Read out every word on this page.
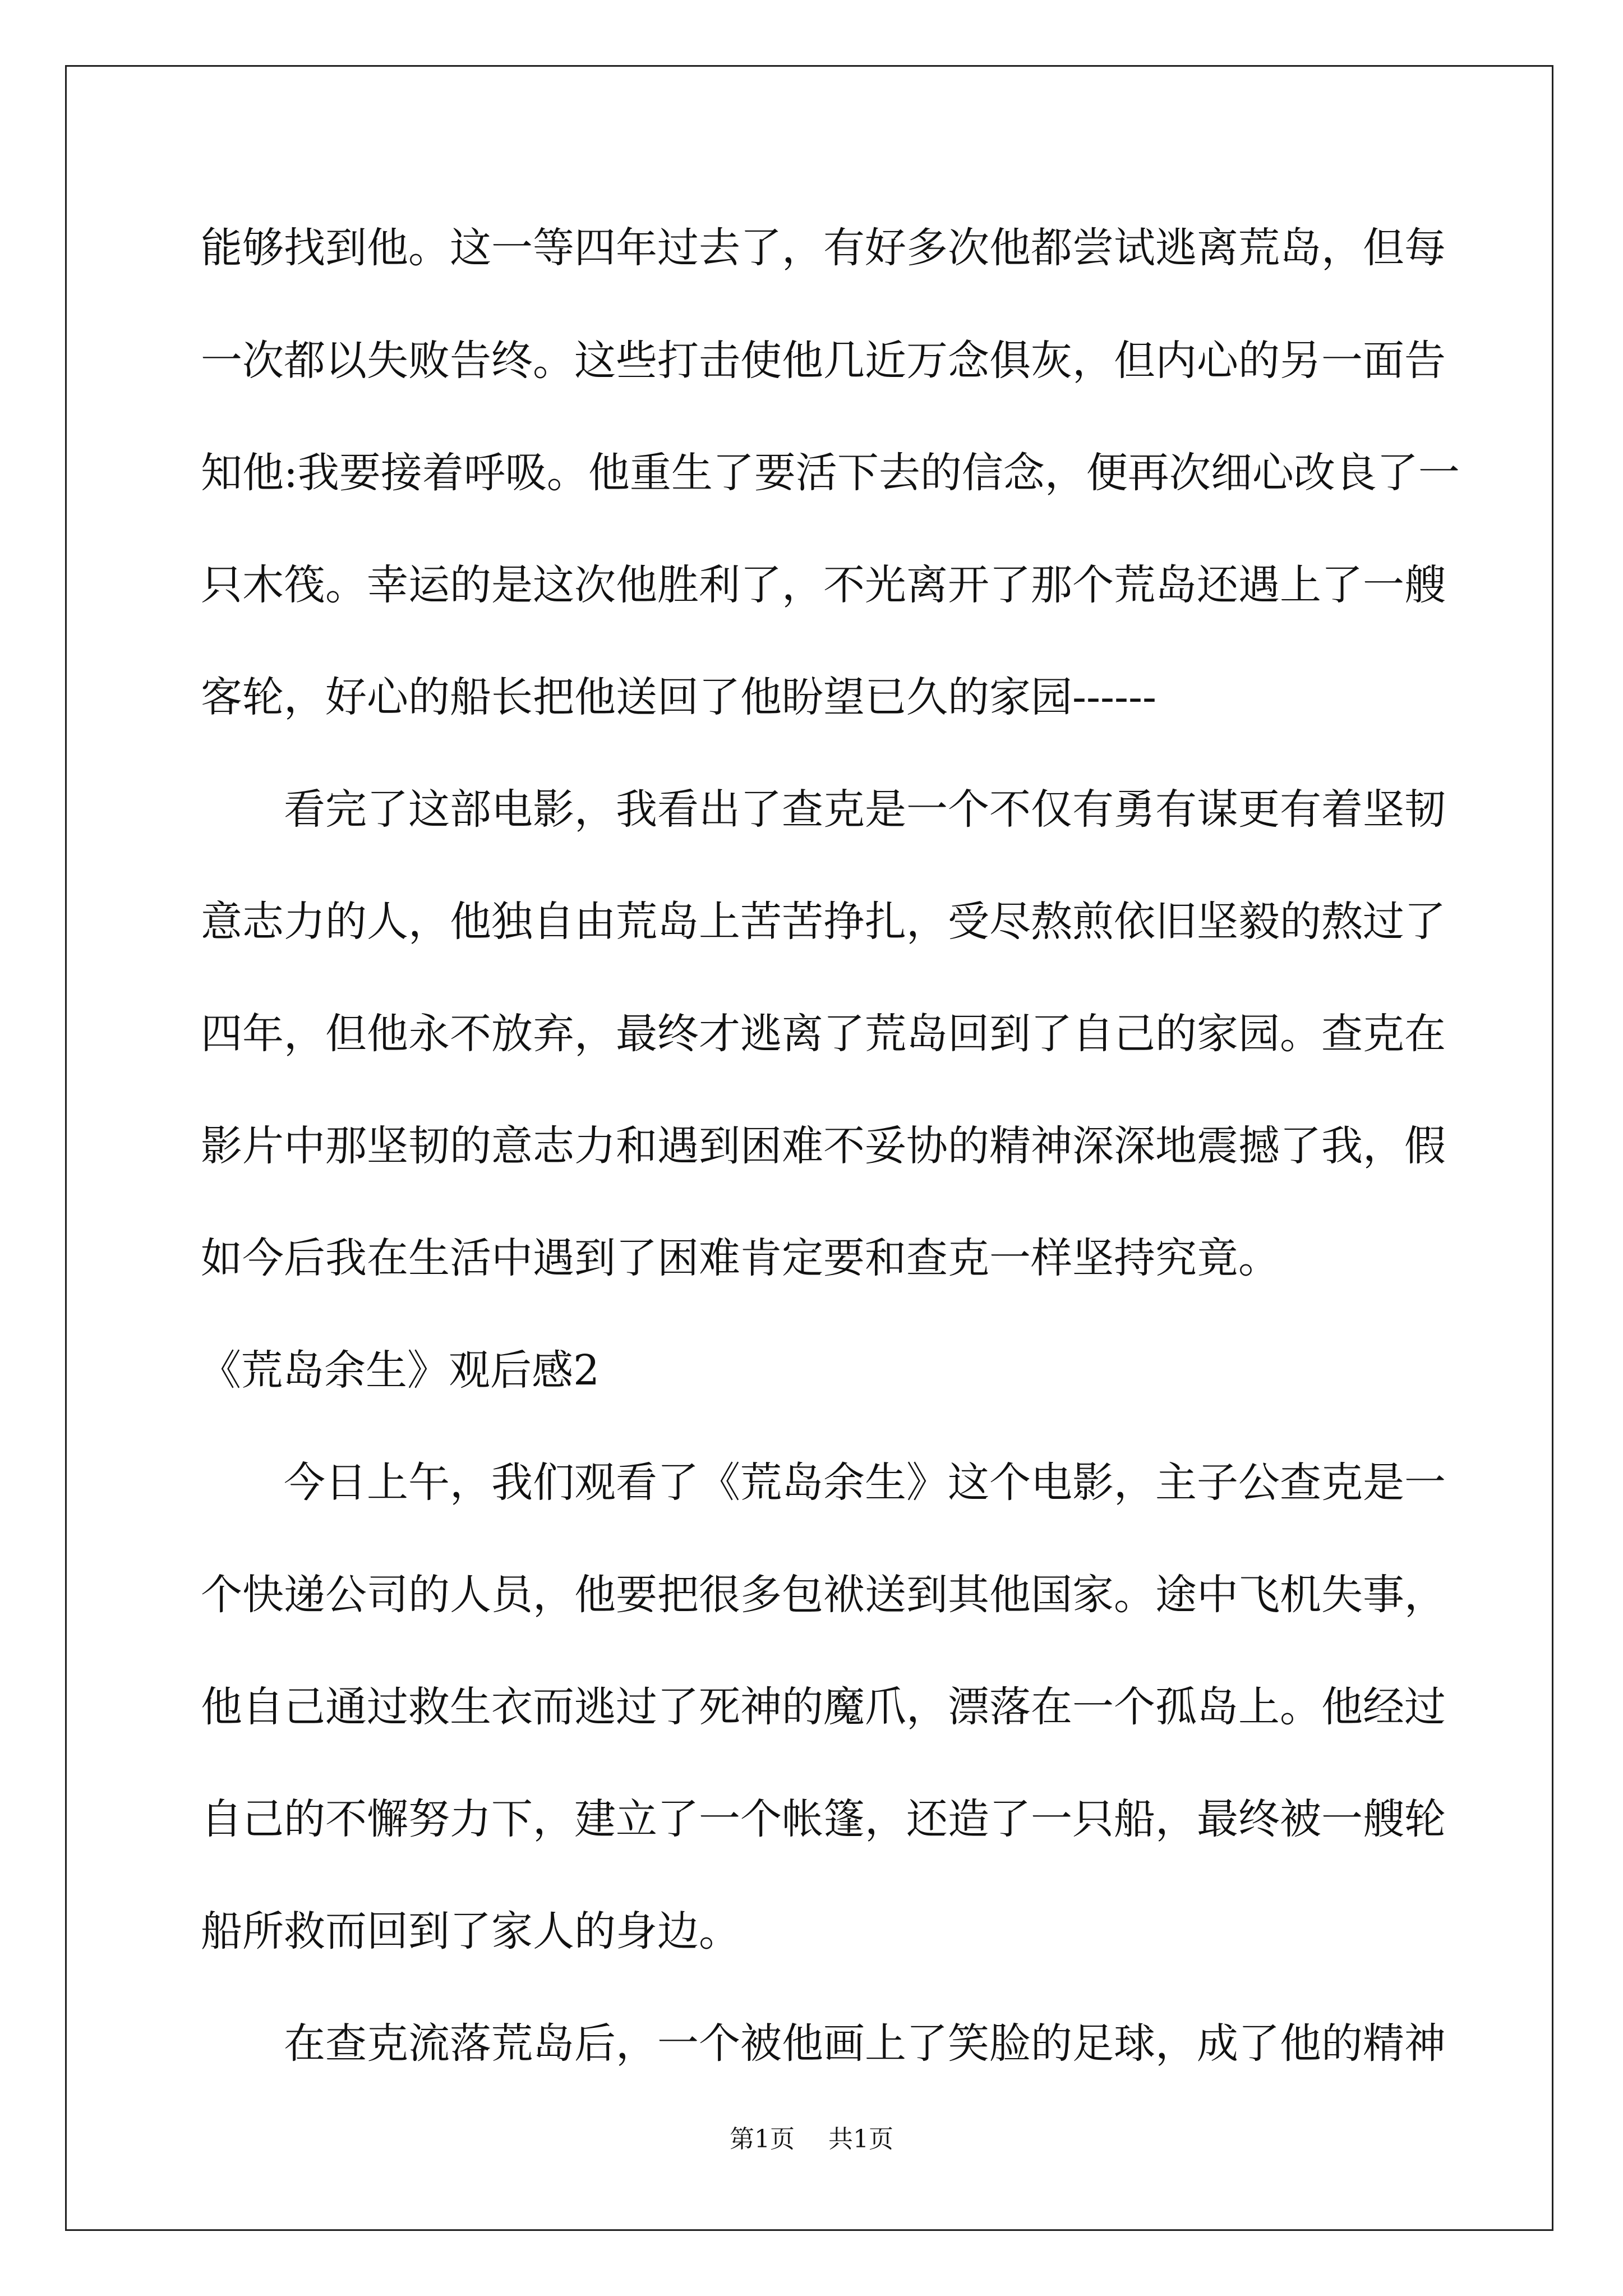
能够找到他。这一等四年过去了，有好多次他都尝试逃离荒岛，但每
一次都以失败告终。这些打击使他几近万念俱灰，但内心的另一面告
知他:我要接着呼吸。他重生了要活下去的信念，便再次细心改良了一
只木筏。幸运的是这次他胜利了，不光离开了那个荒岛还遇上了一艘
客轮，好心的船长把他送回了他盼望已久的家园------
看完了这部电影，我看出了查克是一个不仅有勇有谋更有着坚韧
意志力的人，他独自由荒岛上苦苦挣扎，受尽熬煎依旧坚毅的熬过了
四年，但他永不放弃，最终才逃离了荒岛回到了自己的家园。查克在
影片中那坚韧的意志力和遇到困难不妥协的精神深深地震撼了我，假
如今后我在生活中遇到了困难肯定要和查克一样坚持究竟。
《荒岛余生》观后感2
今日上午，我们观看了《荒岛余生》这个电影，主子公查克是一
个快递公司的人员，他要把很多包袱送到其他国家。途中飞机失事，
他自己通过救生衣而逃过了死神的魔爪，漂落在一个孤岛上。他经过
自己的不懈努力下，建立了一个帐篷，还造了一只船，最终被一艘轮
船所救而回到了家人的身边。
在查克流落荒岛后，一个被他画上了笑脸的足球，成了他的精神
第1页 共1页
